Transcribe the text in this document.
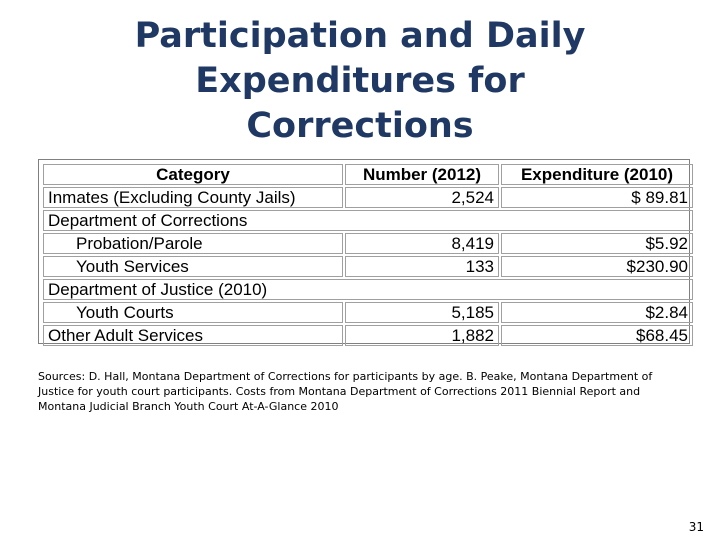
Participation and Daily
Expenditures for
Corrections
Category	Number (2012)	Expenditure (2010)
Inmates (Excluding County Jails)	2,524	$ 89.81
Department of Corrections		
Probation/Parole	8,419	$5.92
Youth Services	133	$230.90
Department of Justice (2010)		
Youth Courts	5,185	$2.84
Other Adult Services	1,882	$68.45
Sources: D. Hall, Montana Department of Corrections for participants by age. B. Peake, Montana Department of Justice for youth court participants. Costs from Montana Department of Corrections 2011 Biennial Report and Montana Judicial Branch Youth Court At-A-Glance 2010
31
